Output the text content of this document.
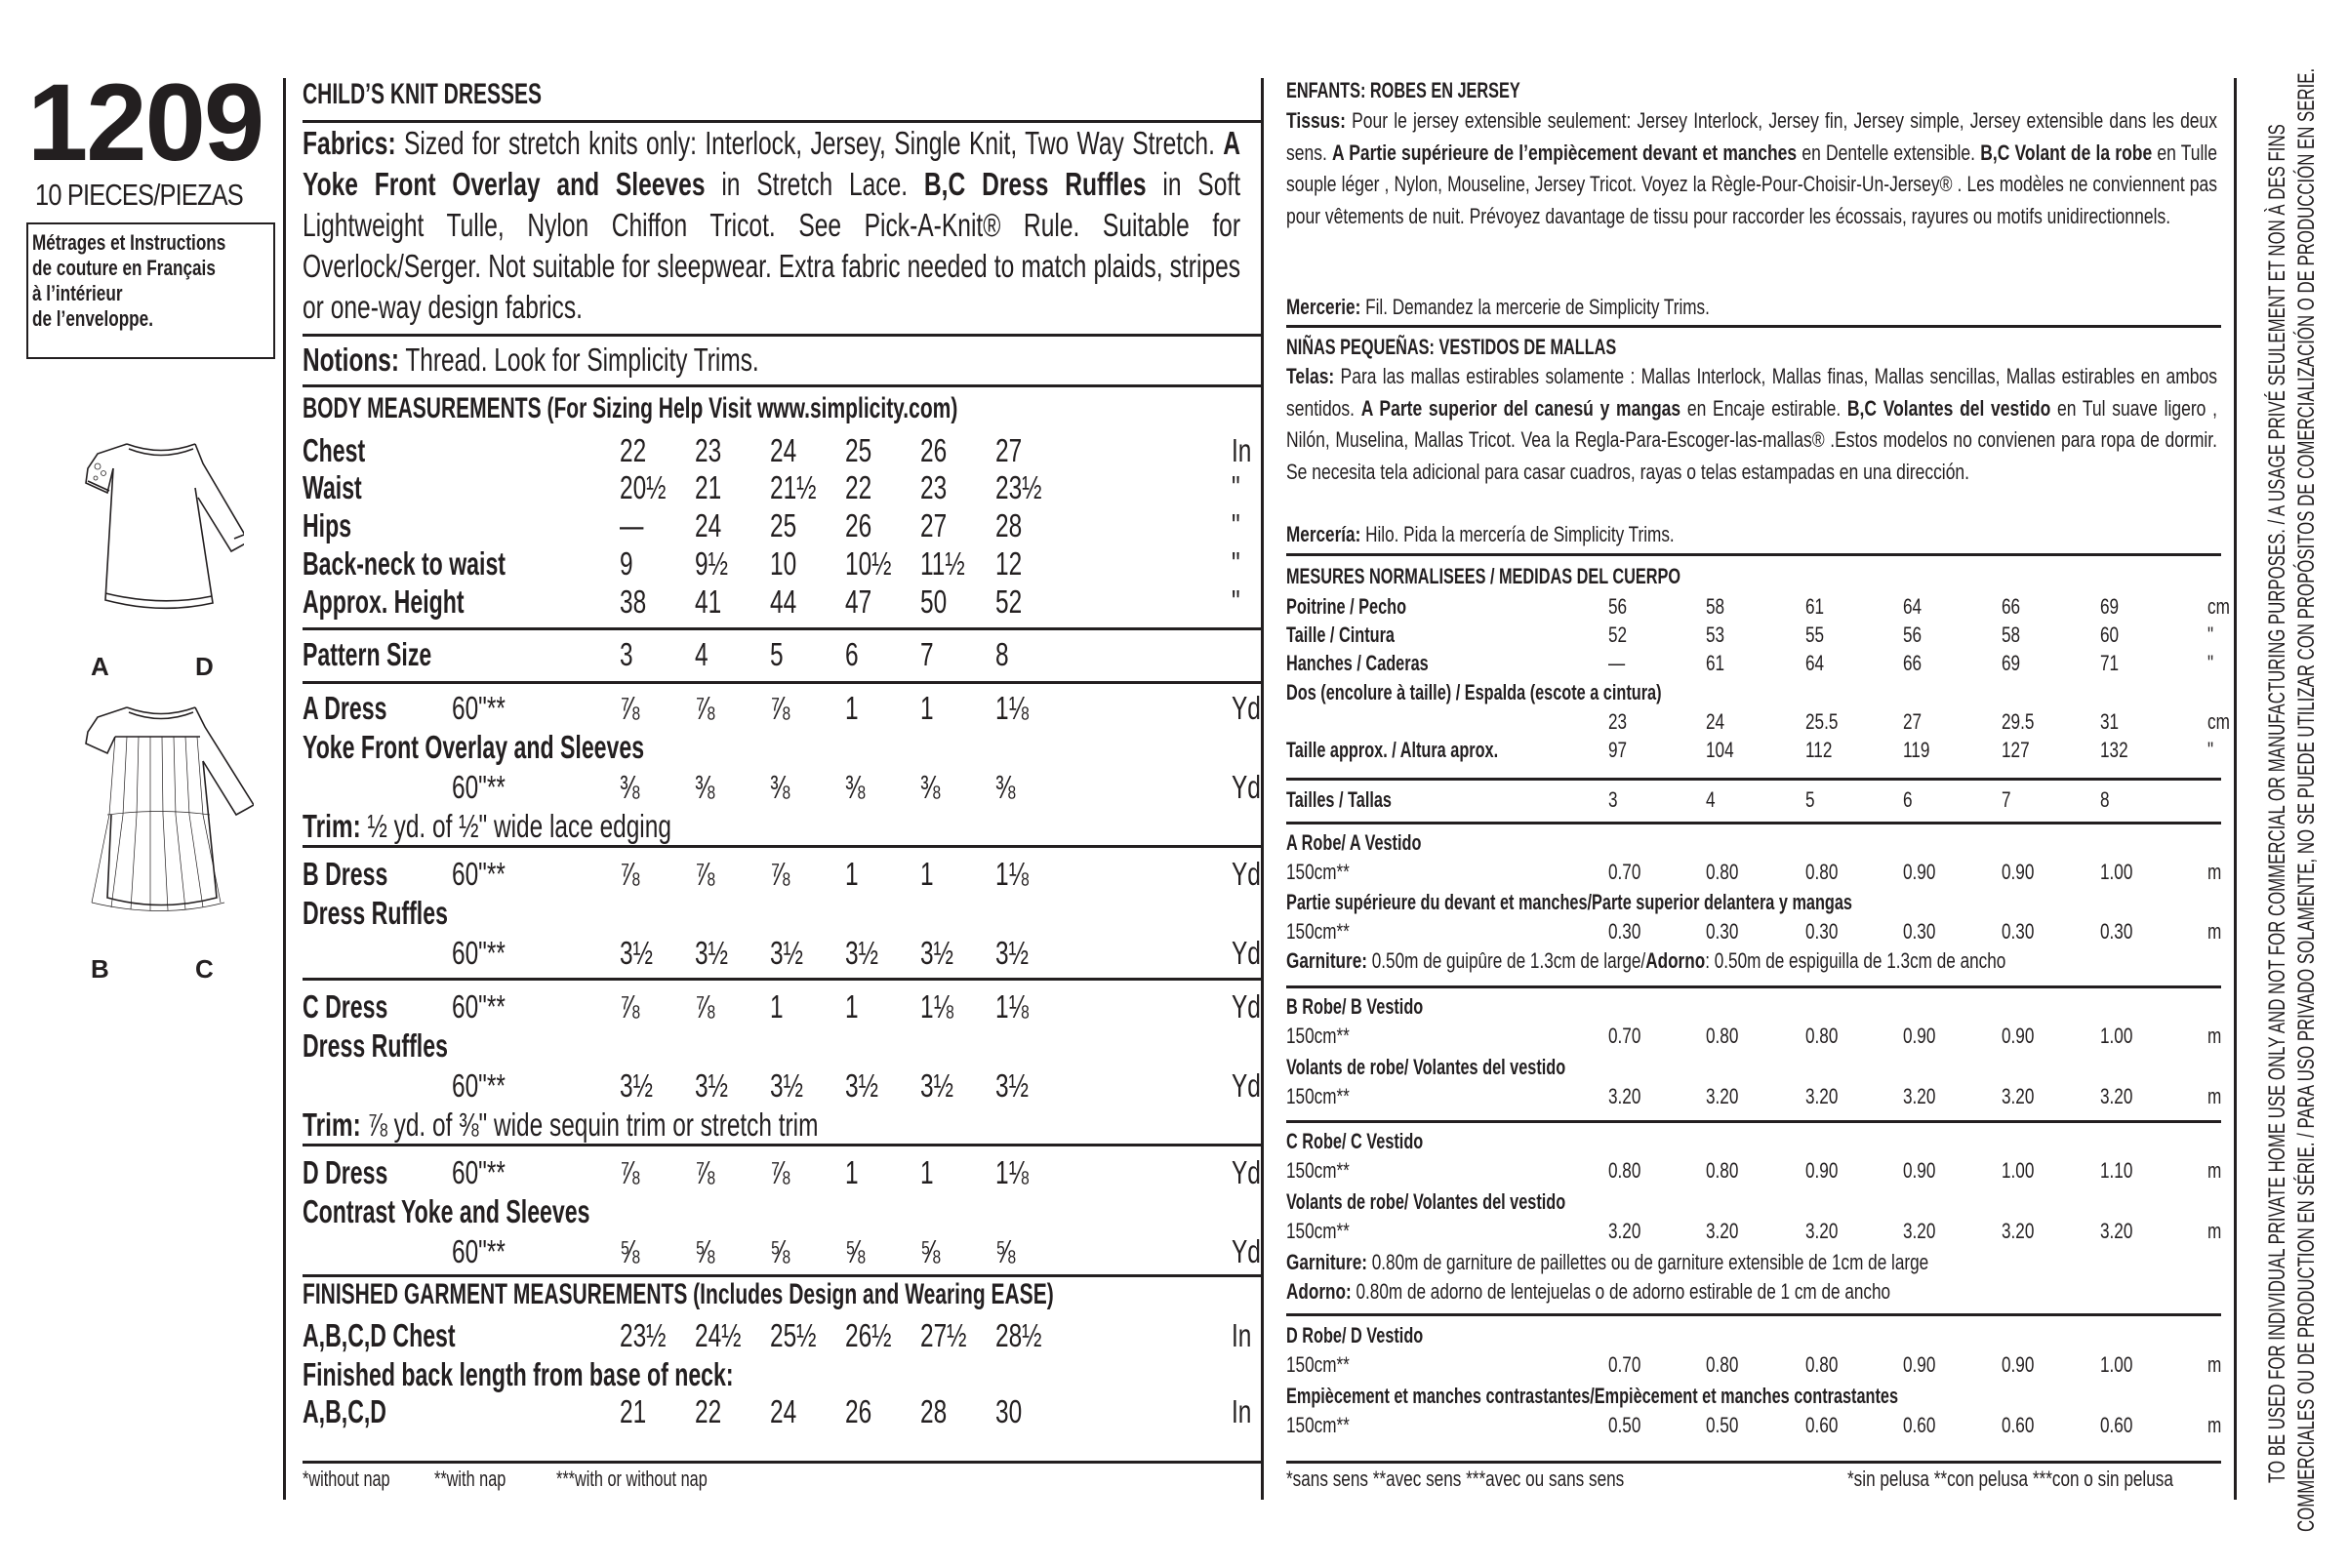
1209
10 PIECES/PIEZAS
Métrages et Instructions
de couture en Français
à l’intérieur
de l’enveloppe.
A	D
B	C
CHILD’S KNIT DRESSES
Fabrics: Sized for stretch knits only: Interlock, Jersey, Single Knit, Two Way Stretch. A Yoke Front Overlay and Sleeves in Stretch Lace. B,C Dress Ruffles in Soft Lightweight Tulle, Nylon Chiffon Tricot. See Pick-A-Knit® Rule. Suitable for Overlock/Serger. Not suitable for sleepwear. Extra fabric needed to match plaids, stripes or one-way design fabrics.
Notions: Thread. Look for Simplicity Trims.
BODY MEASUREMENTS (For Sizing Help Visit www.simplicity.com)
Chest	22 23 24 25 26 27	In
Waist	20½ 21 21½ 22 23 23½	"
Hips	— 24 25 26 27 28	"
Back-neck to waist	9 9½ 10 10½ 11½ 12	"
Approx. Height	38 41 44 47 50 52	"
Pattern Size	3 4 5 6 7 8
A Dress 60"**	⅞ ⅞ ⅞ 1 1 1⅛	Yd
Yoke Front Overlay and Sleeves
60"**	⅜ ⅜ ⅜ ⅜ ⅜ ⅜	Yd
Trim: ½ yd. of ½" wide lace edging
B Dress 60"**	⅞ ⅞ ⅞ 1 1 1⅛	Yd
Dress Ruffles
60"**	3½ 3½ 3½ 3½ 3½ 3½	Yd
C Dress 60"**	⅞ ⅞ 1 1 1⅛ 1⅛	Yd
Dress Ruffles
60"**	3½ 3½ 3½ 3½ 3½ 3½	Yd
Trim: ⅞ yd. of ⅜" wide sequin trim or stretch trim
D Dress 60"**	⅞ ⅞ ⅞ 1 1 1⅛	Yd
Contrast Yoke and Sleeves
60"**	⅝ ⅝ ⅝ ⅝ ⅝ ⅝	Yd
FINISHED GARMENT MEASUREMENTS (Includes Design and Wearing EASE)
A,B,C,D Chest	23½ 24½ 25½ 26½ 27½ 28½	In
Finished back length from base of neck:
A,B,C,D	21 22 24 26 28 30	In
*without nap **with nap ***with or without nap
ENFANTS: ROBES EN JERSEY
Tissus: Pour le jersey extensible seulement: Jersey Interlock, Jersey fin, Jersey simple, Jersey extensible dans les deux sens. A Partie supérieure de l’empiècement devant et manches en Dentelle extensible. B,C Volant de la robe en Tulle souple léger , Nylon, Mouseline, Jersey Tricot. Voyez la Règle-Pour-Choisir-Un-Jersey® . Les modèles ne conviennent pas pour vêtements de nuit. Prévoyez davantage de tissu pour raccorder les écossais, rayures ou motifs unidirectionnels.
Mercerie: Fil. Demandez la mercerie de Simplicity Trims.
NIÑAS PEQUEÑAS: VESTIDOS DE MALLAS
Telas: Para las mallas estirables solamente : Mallas Interlock, Mallas finas, Mallas sencillas, Mallas estirables en ambos sentidos. A Parte superior del canesú y mangas en Encaje estirable. B,C Volantes del vestido en Tul suave ligero , Nilón, Muselina, Mallas Tricot. Vea la Regla-Para-Escoger-las-mallas® .Estos modelos no convienen para ropa de dormir. Se necesita tela adicional para casar cuadros, rayas o telas estampadas en una dirección.
Mercería: Hilo. Pida la mercería de Simplicity Trims.
MESURES NORMALISEES / MEDIDAS DEL CUERPO
Poitrine / Pecho	56	58	61	64	66	69	cm
Taille / Cintura	52	53	55	56	58	60	"
Hanches / Caderas	—	61	64	66	69	71	"
Dos (encolure à taille) / Espalda (escote a cintura)
23	24	25.5	27	29.5	31	cm
Taille approx. / Altura aprox.	97	104	112	119	127	132	"
Tailles / Tallas	3	4	5	6	7	8
A Robe/ A Vestido
150cm**	0.70	0.80	0.80	0.90	0.90	1.00	m
Partie supérieure du devant et manches/Parte superior delantera y mangas
150cm**	0.30	0.30	0.30	0.30	0.30	0.30	m
Garniture: 0.50m de guipûre de 1.3cm de large/Adorno: 0.50m de espiguilla de 1.3cm de ancho
B Robe/ B Vestido
150cm**	0.70	0.80	0.80	0.90	0.90	1.00	m
Volants de robe/ Volantes del vestido
150cm**	3.20	3.20	3.20	3.20	3.20	3.20	m
C Robe/ C Vestido
150cm**	0.80	0.80	0.90	0.90	1.00	1.10	m
Volants de robe/ Volantes del vestido
150cm**	3.20	3.20	3.20	3.20	3.20	3.20	m
Garniture: 0.80m de garniture de paillettes ou de garniture extensible de 1cm de large
Adorno: 0.80m de adorno de lentejuelas o de adorno estirable de 1 cm de ancho
D Robe/ D Vestido
150cm**	0.70	0.80	0.80	0.90	0.90	1.00	m
Empiècement et manches contrastantes/Empiècement et manches contrastantes
150cm**	0.50	0.50	0.60	0.60	0.60	0.60	m
*sans sens **avec sens ***avec ou sans sens	*sin pelusa **con pelusa ***con o sin pelusa	TO BE USED FOR INDIVIDUAL PRIVATE HOME USE ONLY AND NOT FOR COMMERCIAL OR MANUFACTURING PURPOSES. / A USAGE PRIVÉ SEULEMENT ET NON À DES FINS COMMERCIALES OU DE PRODUCTION EN SÉRIE. / PARA USO PRIVADO SOLAMENTE, NO SE PUEDE UTILIZAR CON PROPÓSITOS DE COMERCIALIZACIÓN O DE PRODUCCIÓN EN SERIE.
